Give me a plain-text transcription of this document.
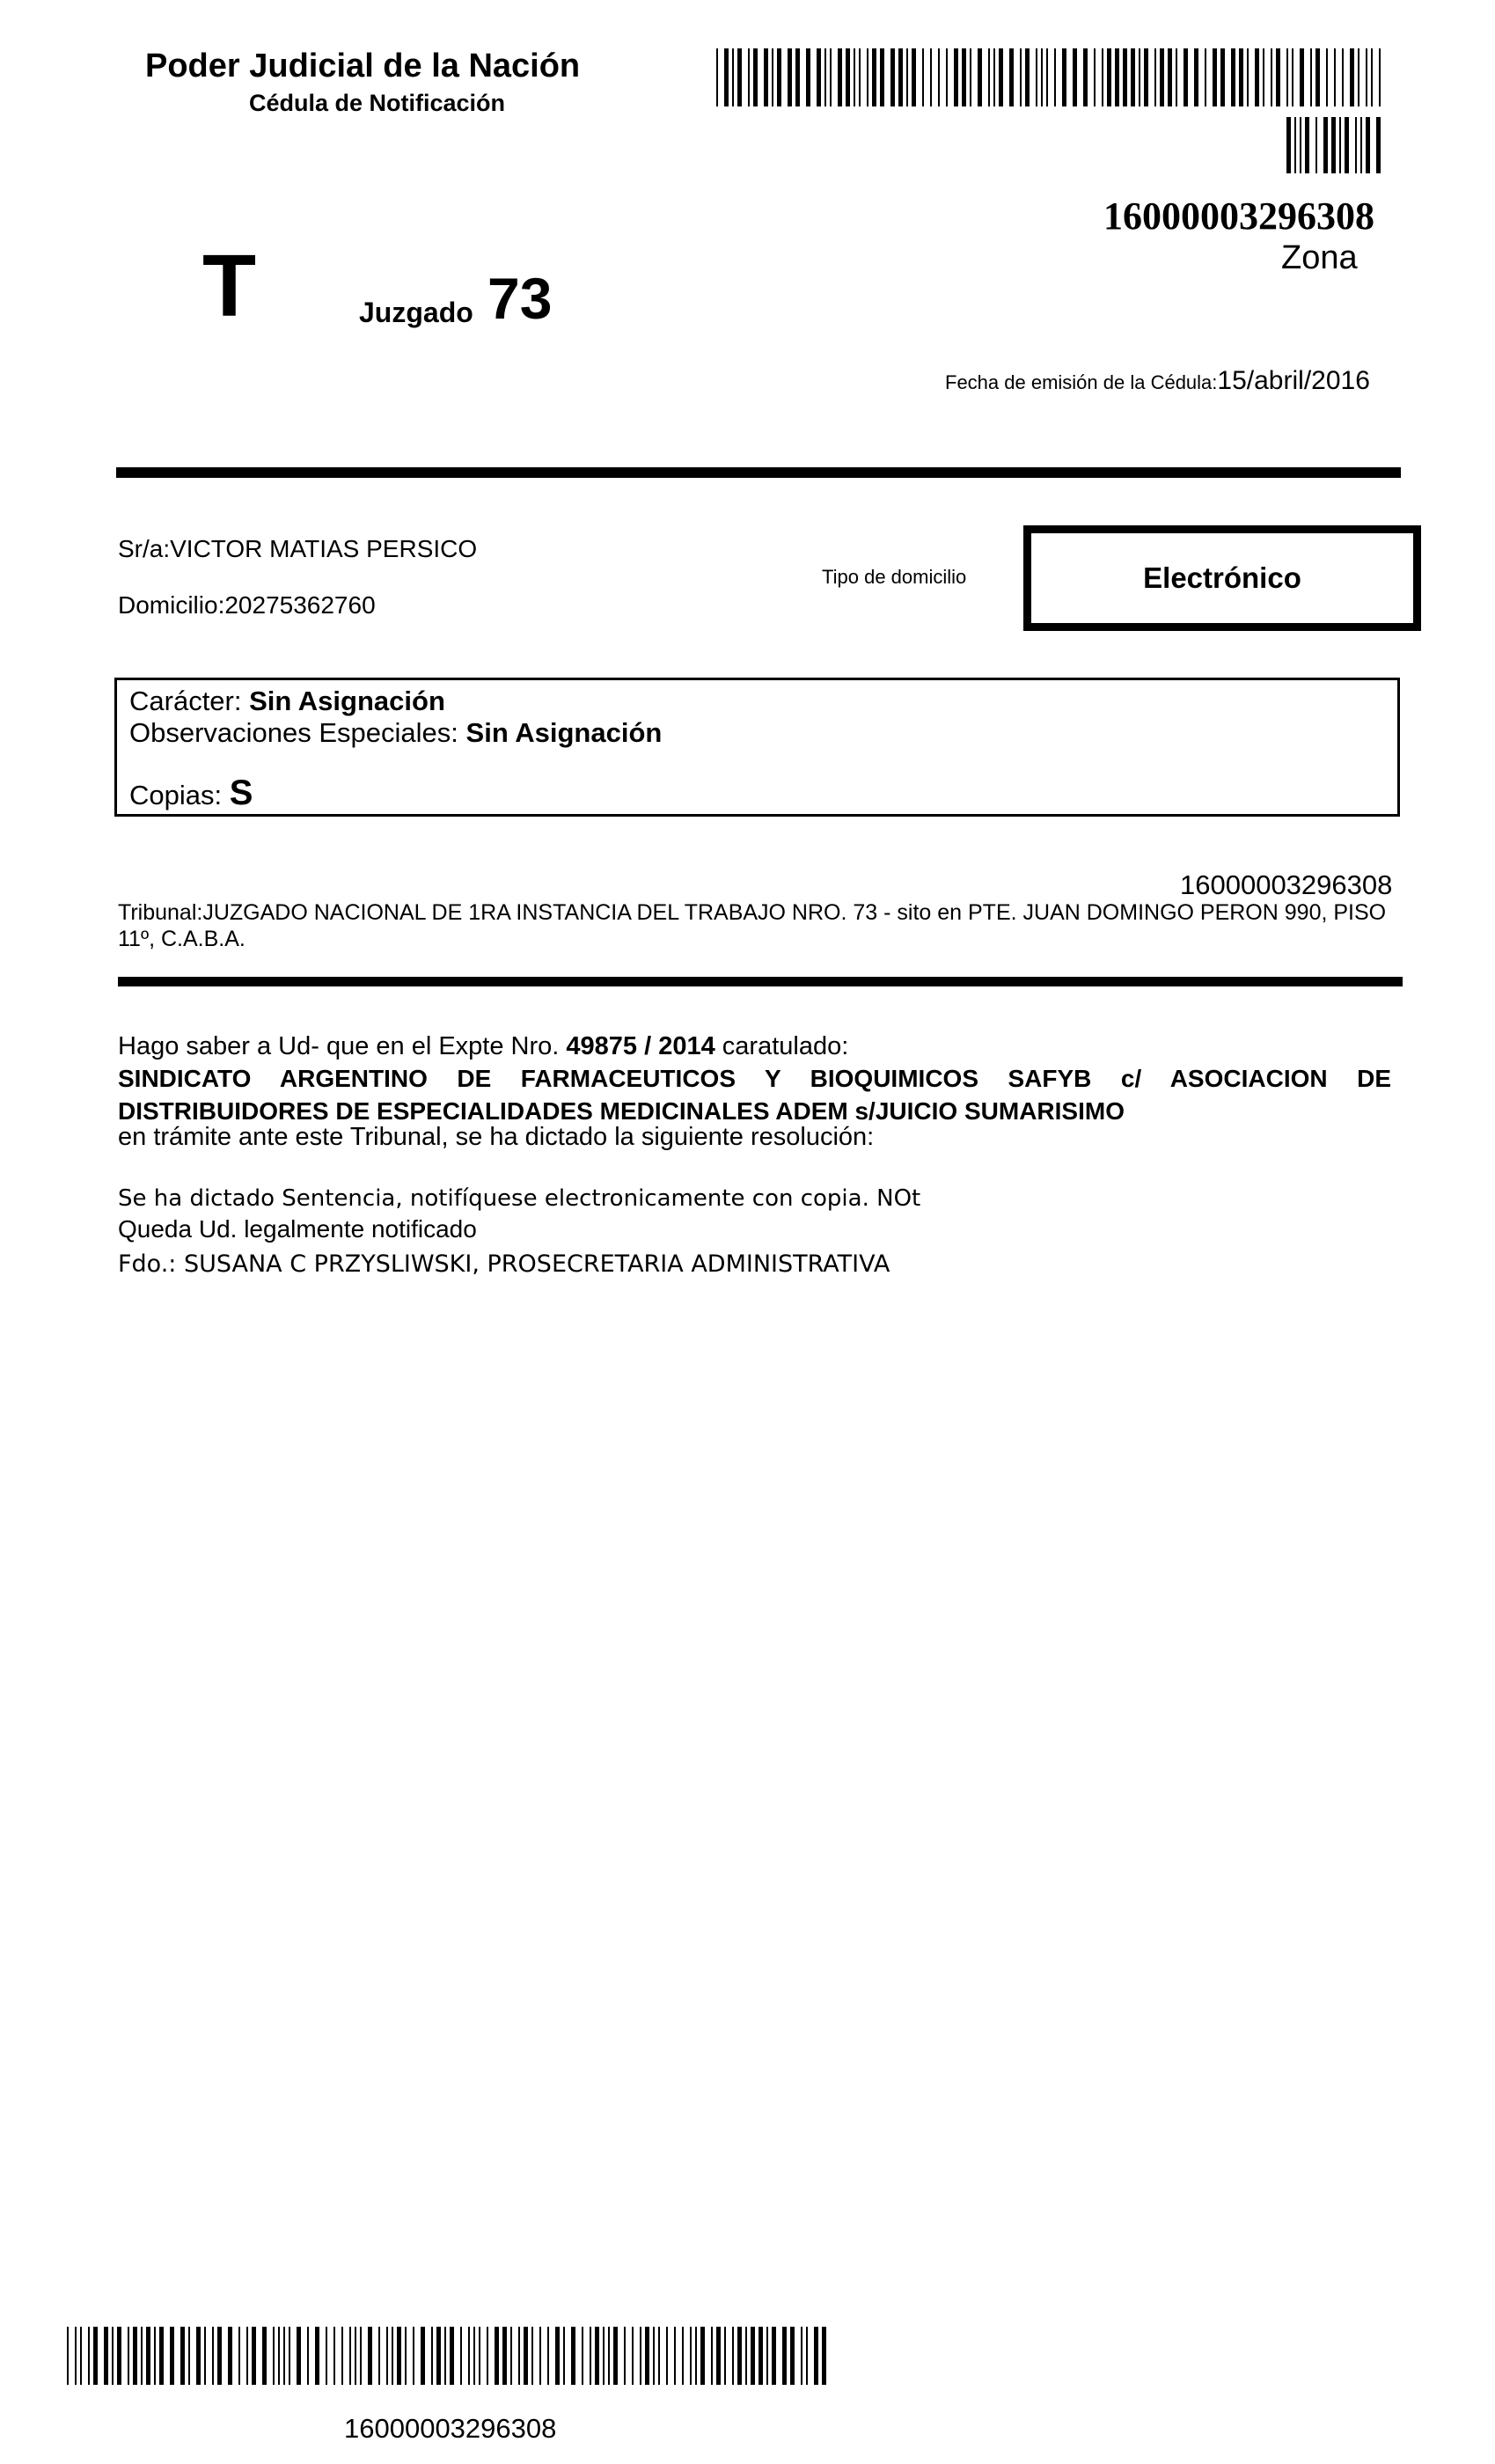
Poder Judicial de la Nación
Cédula de Notificación
16000003296308
Zona
T	Juzgado 73
Fecha de emisión de la Cédula:15/abril/2016
Sr/a:VICTOR MATIAS PERSICO
Domicilio:20275362760
Tipo de domicilio	Electrónico
Carácter: Sin Asignación
Observaciones Especiales: Sin Asignación
Copias: S
16000003296308
Tribunal:JUZGADO NACIONAL DE 1RA INSTANCIA DEL TRABAJO NRO. 73 - sito en PTE. JUAN DOMINGO PERON 990, PISO 11º, C.A.B.A.
Hago saber a Ud- que en el Expte Nro. 49875 / 2014 caratulado:
SINDICATO ARGENTINO DE FARMACEUTICOS Y BIOQUIMICOS SAFYB c/ ASOCIACION DE DISTRIBUIDORES DE ESPECIALIDADES MEDICINALES ADEM s/JUICIO SUMARISIMO
en trámite ante este Tribunal, se ha dictado la siguiente resolución:
Se ha dictado Sentencia, notifíquese electronicamente con copia. NOt
Queda Ud. legalmente notificado
Fdo.: SUSANA C PRZYSLIWSKI, PROSECRETARIA ADMINISTRATIVA
16000003296308
